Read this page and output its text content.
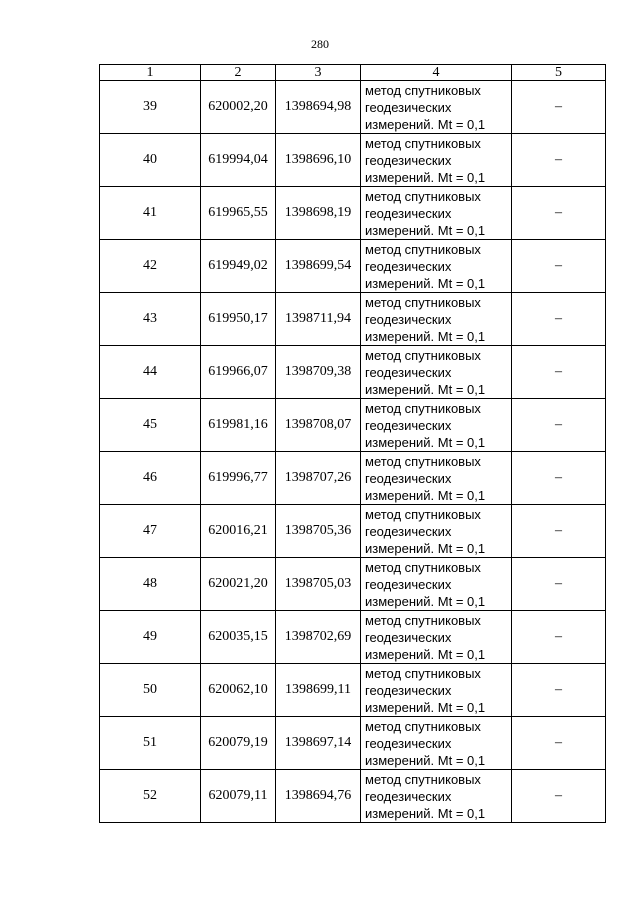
280
1	2	3	4	5
39	620002,20	1398694,98	метод спутниковых
геодезических
измерений. Mt = 0,1	–
40	619994,04	1398696,10	метод спутниковых
геодезических
измерений. Mt = 0,1	–
41	619965,55	1398698,19	метод спутниковых
геодезических
измерений. Mt = 0,1	–
42	619949,02	1398699,54	метод спутниковых
геодезических
измерений. Mt = 0,1	–
43	619950,17	1398711,94	метод спутниковых
геодезических
измерений. Mt = 0,1	–
44	619966,07	1398709,38	метод спутниковых
геодезических
измерений. Mt = 0,1	–
45	619981,16	1398708,07	метод спутниковых
геодезических
измерений. Mt = 0,1	–
46	619996,77	1398707,26	метод спутниковых
геодезических
измерений. Mt = 0,1	–
47	620016,21	1398705,36	метод спутниковых
геодезических
измерений. Mt = 0,1	–
48	620021,20	1398705,03	метод спутниковых
геодезических
измерений. Mt = 0,1	–
49	620035,15	1398702,69	метод спутниковых
геодезических
измерений. Mt = 0,1	–
50	620062,10	1398699,11	метод спутниковых
геодезических
измерений. Mt = 0,1	–
51	620079,19	1398697,14	метод спутниковых
геодезических
измерений. Mt = 0,1	–
52	620079,11	1398694,76	метод спутниковых
геодезических
измерений. Mt = 0,1	–
